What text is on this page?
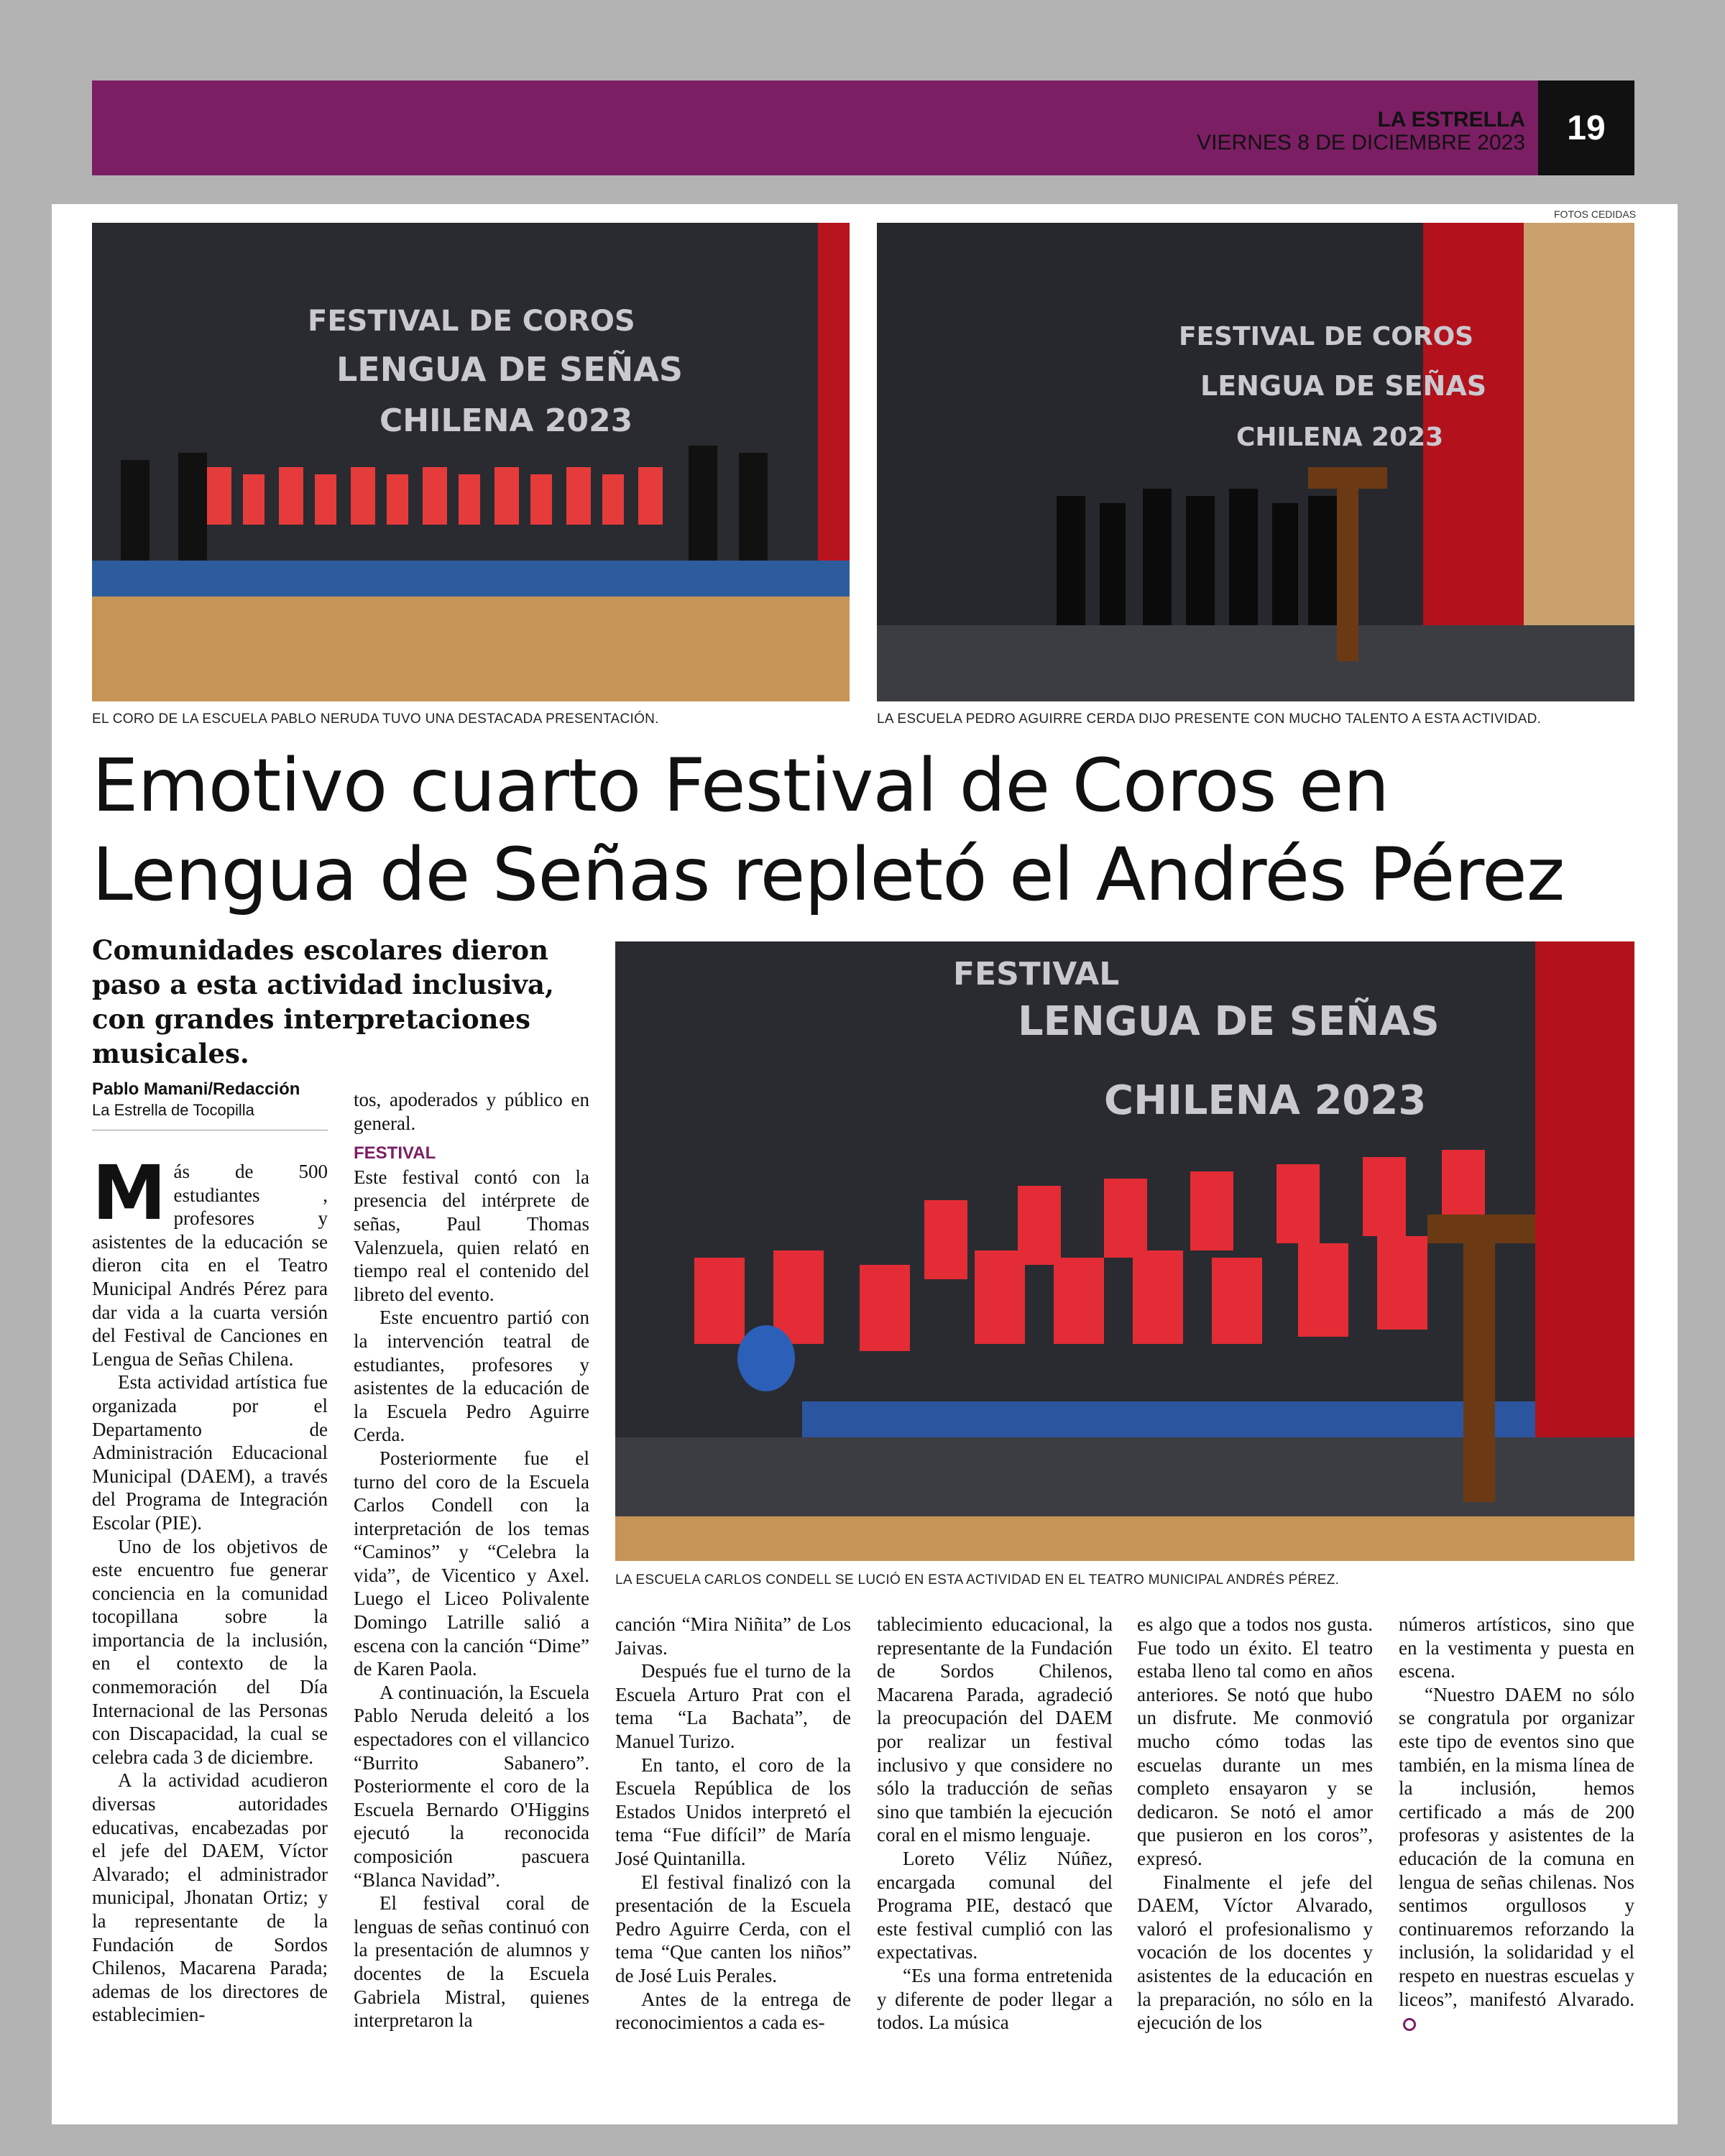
LA ESTRELLA
VIERNES 8 DE DICIEMBRE 2023	19
FOTOS CEDIDAS
FESTIVAL DE COROS
LENGUA DE SEÑAS
CHILENA 2023
EL CORO DE LA ESCUELA PABLO NERUDA TUVO UNA DESTACADA PRESENTACIÓN.
FESTIVAL DE COROS
LENGUA DE SEÑAS
CHILENA 2023
LA ESCUELA PEDRO AGUIRRE CERDA DIJO PRESENTE CON MUCHO TALENTO A ESTA ACTIVIDAD.
Emotivo cuarto Festival de Coros en Lengua de Señas repletó el Andrés Pérez
Comunidades escolares dieron paso a esta actividad inclusiva, con grandes interpretaciones musicales.
FESTIVAL
LENGUA DE SEÑAS
CHILENA 2023
LA ESCUELA CARLOS CONDELL SE LUCIÓ EN ESTA ACTIVIDAD EN EL TEATRO MUNICIPAL ANDRÉS PÉREZ.
Pablo Mamani/Redacción
La Estrella de Tocopilla

Más de 500 estudiantes , profesores y asistentes de la educación se dieron cita en el Teatro Municipal Andrés Pérez para dar vida a la cuarta versión del Festival de Canciones en Lengua de Señas Chilena.

Esta actividad artística fue organizada por el Departamento de Administración Educacional Municipal (DAEM), a través del Programa de Integración Escolar (PIE).

Uno de los objetivos de este encuentro fue generar conciencia en la comunidad tocopillana sobre la importancia de la inclusión, en el contexto de la conmemoración del Día Internacional de las Personas con Discapacidad, la cual se celebra cada 3 de diciembre.

A la actividad acudieron diversas autoridades educativas, encabezadas por el jefe del DAEM, Víctor Alvarado; el administrador municipal, Jhonatan Ortiz; y la representante de la Fundación de Sordos Chilenos, Macarena Parada; ademas de los directores de establecimien-

tos, apoderados y público en general.

FESTIVAL

Este festival contó con la presencia del intérprete de señas, Paul Thomas Valenzuela, quien relató en tiempo real el contenido del libreto del evento.

Este encuentro partió con la intervención teatral de estudiantes, profesores y asistentes de la educación de la Escuela Pedro Aguirre Cerda.

Posteriormente fue el turno del coro de la Escuela Carlos Condell con la interpretación de los temas “Caminos” y “Celebra la vida”, de Vicentico y Axel. Luego el Liceo Polivalente Domingo Latrille salió a escena con la canción “Dime” de Karen Paola.

A continuación, la Escuela Pablo Neruda deleitó a los espectadores con el villancico “Burrito Sabanero”. Posteriormente el coro de la Escuela Bernardo O'Higgins ejecutó la reconocida composición pascuera “Blanca Navidad”.

El festival coral de lenguas de señas continuó con la presentación de alumnos y docentes de la Escuela Gabriela Mistral, quienes interpretaron la

canción “Mira Niñita” de Los Jaivas.

Después fue el turno de la Escuela Arturo Prat con el tema “La Bachata”, de Manuel Turizo.

En tanto, el coro de la Escuela República de los Estados Unidos interpretó el tema “Fue difícil” de María José Quintanilla.

El festival finalizó con la presentación de la Escuela Pedro Aguirre Cerda, con el tema “Que canten los niños” de José Luis Perales.

Antes de la entrega de reconocimientos a cada es-

tablecimiento educacional, la representante de la Fundación de Sordos Chilenos, Macarena Parada, agradeció la preocupación del DAEM por realizar un festival inclusivo y que considere no sólo la traducción de señas sino que también la ejecución coral en el mismo lenguaje.

Loreto Véliz Núñez, encargada comunal del Programa PIE, destacó que este festival cumplió con las expectativas.

“Es una forma entretenida y diferente de poder llegar a todos. La música

es algo que a todos nos gusta. Fue todo un éxito. El teatro estaba lleno tal como en años anteriores. Se notó que hubo un disfrute. Me conmovió mucho cómo todas las escuelas durante un mes completo ensayaron y se dedicaron. Se notó el amor que pusieron en los coros”, expresó.

Finalmente el jefe del DAEM, Víctor Alvarado, valoró el profesionalismo y vocación de los docentes y asistentes de la educación en la preparación, no sólo en la ejecución de los

números artísticos, sino que en la vestimenta y puesta en escena.

“Nuestro DAEM no sólo se congratula por organizar este tipo de eventos sino que también, en la misma línea de la inclusión, hemos certificado a más de 200 profesoras y asistentes de la educación de la comuna en lengua de señas chilenas. Nos sentimos orgullosos y continuaremos reforzando la inclusión, la solidaridad y el respeto en nuestras escuelas y liceos”, manifestó Alvarado.
